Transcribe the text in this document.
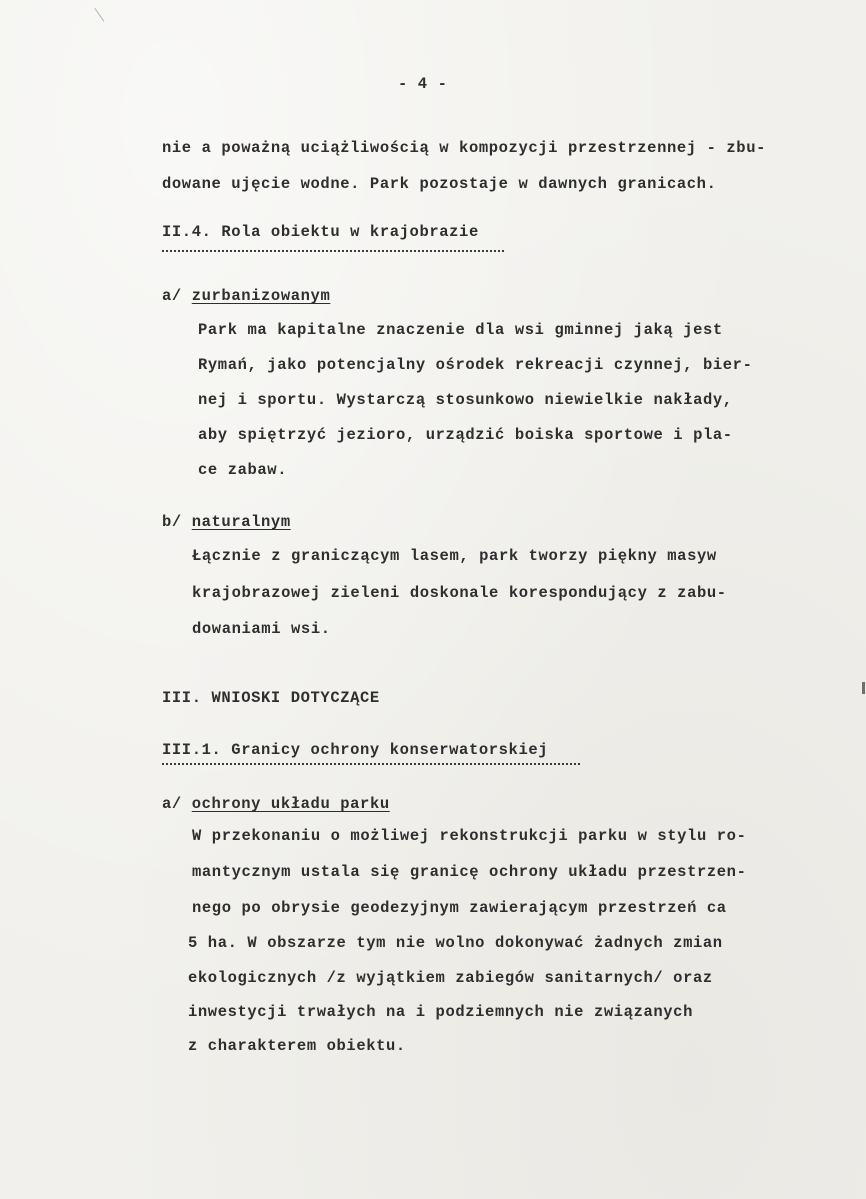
- 4 -
nie a poważną uciążliwością w kompozycji przestrzennej - zbu-
dowane ujęcie wodne. Park pozostaje w dawnych granicach.
II.4. Rola obiektu w krajobrazie
a/ zurbanizowanym
Park ma kapitalne znaczenie dla wsi gminnej jaką jest
Rymań, jako potencjalny ośrodek rekreacji czynnej, bier-
nej i sportu. Wystarczą stosunkowo niewielkie nakłady,
aby spiętrzyć jezioro, urządzić boiska sportowe i pla-
ce zabaw.
b/ naturalnym
Łącznie z graniczącym lasem, park tworzy piękny masyw
krajobrazowej zieleni doskonale korespondujący z zabu-
dowaniami wsi.
III. WNIOSKI DOTYCZĄCE
III.1. Granicy ochrony konserwatorskiej
a/ ochrony układu parku
W przekonaniu o możliwej rekonstrukcji parku w stylu ro-
mantycznym ustala się granicę ochrony układu przestrzen-
nego po obrysie geodezyjnym zawierającym przestrzeń ca
5 ha. W obszarze tym nie wolno dokonywać żadnych zmian
ekologicznych /z wyjątkiem zabiegów sanitarnych/ oraz
inwestycji trwałych na i podziemnych nie związanych
z charakterem obiektu.
